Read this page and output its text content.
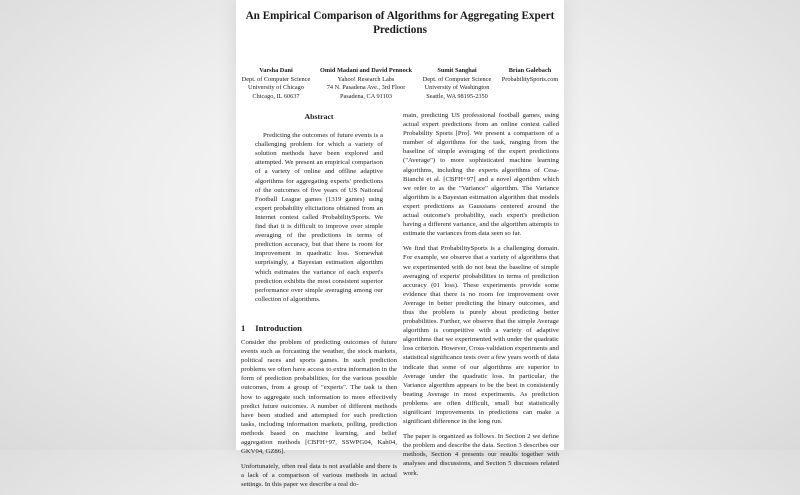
An Empirical Comparison of Algorithms for Aggregating Expert Predictions
Varsha Dani
Dept. of Computer Science
University of Chicago
Chicago, IL 60637
Omid Madani and David Pennock
Yahoo! Research Labs
74 N. Pasadena Ave., 3rd Floor
Pasadena, CA 91103
Sumit Sanghai
Dept. of Computer Science
University of Washington
Seattle, WA 98195-2350
Brian Galebach
ProbabilitySports.com
Abstract
Predicting the outcomes of future events is a challenging problem for which a variety of solution methods have been explored and attempted. We present an empirical comparison of a variety of online and offline adaptive algorithms for aggregating experts' predictions of the outcomes of five years of US National Football League games (1319 games) using expert probability elicitations obtained from an Internet contest called ProbabilitySports. We find that it is difficult to improve over simple averaging of the predictions in terms of prediction accuracy, but that there is room for improvement in quadratic loss. Somewhat surprisingly, a Bayesian estimation algorithm which estimates the variance of each expert's prediction exhibits the most consistent superior performance over simple averaging among our collection of algorithms.
1 Introduction

Consider the problem of predicting outcomes of future events such as forcasting the weather, the stock markets, political races and sports games. In such prediction problems we often have access to extra information in the form of prediction probabilities, for the various possible outcomes, from a group of "experts". The task is then how to aggregate such information to more effectively predict future outcomes. A number of different methods have been studied and attempted for such prediction tasks, including information markets, polling, prediction methods based on machine learning, and belief aggregation methods [CBFH+97, SSWPG04, Kah04, GKV04, GZ86].

Unfortunately, often real data is not available and there is a lack of a comparison of various methods in actual settings. In this paper we describe a real do-

main, predicting US professional football games, using actual expert predictions from an online contest called Probability Sports [Pro]. We present a comparison of a number of algorithms for the task, ranging from the baseline of simple averaging of the expert predictions ("Average") to more sophisticated machine learning algorithms, including the experts algorithms of Cesa-Bianchi et al. [CBFH+97] and a novel algorithm which we refer to as the "Variance" algorithm. The Variance algorithm is a Bayesian estimation algorithm that models expert predictions as Gaussians centered around the actual outcome's probability, each expert's prediction having a different variance, and the algorithm attempts to estimate the variances from data seen so far.

We find that ProbabilitySports is a challenging domain. For example, we observe that a variety of algorithms that we experimented with do not beat the baseline of simple averaging of experts' probabilities in terms of prediction accuracy (01 loss). These experiments provide some evidence that there is no room for improvement over Average in better predicting the binary outcomes, and thus the problem is purely about predicting better probabilities. Further, we observe that the simple Average algorithm is competitive with a variety of adaptive algorithms that we experimented with under the quadratic loss criterion. However, Cross-validation experiments and statistical significance tests over a few years worth of data indicate that some of our algorithms are superior to Average under the quadratic loss. In particular, the Variance algorithm appears to be the best in consistently beating Average in most experiments. As prediction problems are often difficult, small but statistically significant improvements in predictions can make a significant difference in the long run.

The paper is organized as follows. In Section 2 we define the problem and describe the data. Section 3 describes our methods, Section 4 presents our results together with analyses and discussions, and Section 5 discusses related work.
